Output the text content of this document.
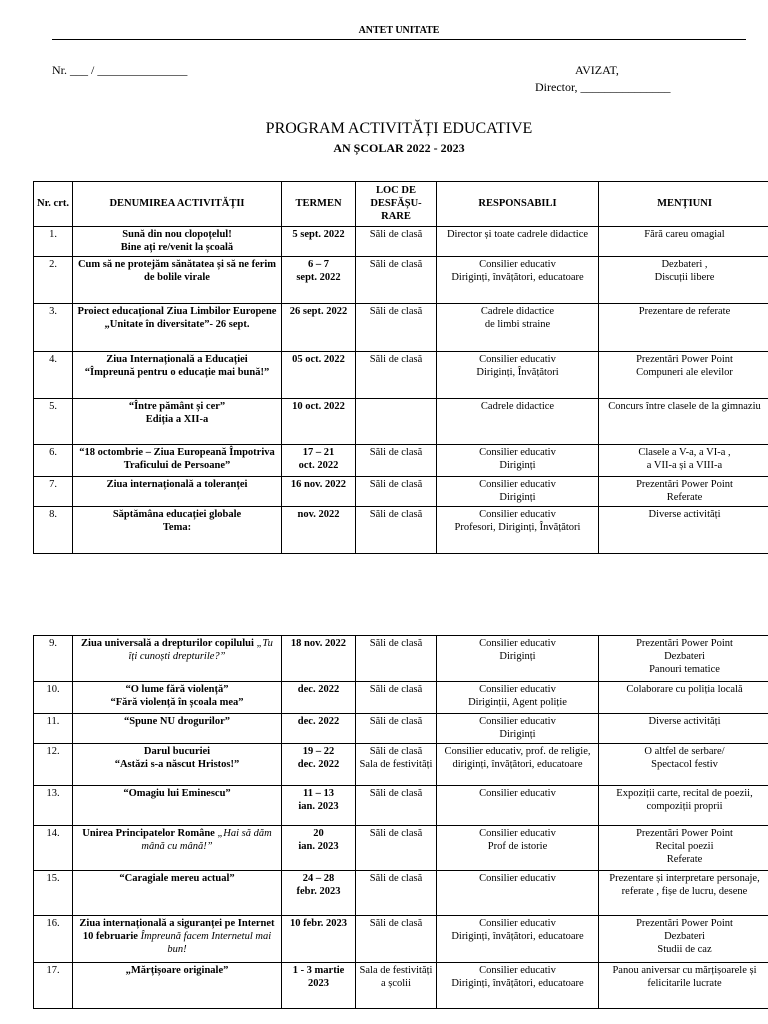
ANTET UNITATE
Nr. ___ / _______________	AVIZAT,
Director, _______________
PROGRAM ACTIVITĂȚI EDUCATIVE
AN ȘCOLAR 2022 - 2023
Nr. crt.	DENUMIREA ACTIVITĂȚII	TERMEN	LOC DE DESFĂȘU-RARE	RESPONSABILI	MENȚIUNI
1.	Sună din nou clopoțelul!
Bine ați re/venit la școală	5 sept. 2022	Săli de clasă	Director și toate cadrele didactice	Fără careu omagial
2.	Cum să ne protejăm sănătatea și să ne ferim de bolile virale	6 – 7
sept. 2022	Săli de clasă	Consilier educativ
Diriginți, învățători, educatoare	Dezbateri ,
Discuții libere
3.	Proiect educațional Ziua Limbilor Europene „Unitate în diversitate”- 26 sept.	26 sept. 2022	Săli de clasă	Cadrele didactice
de limbi straine	Prezentare de referate
4.	Ziua Internațională a Educației
“Împreună pentru o educație mai bună!”	05 oct. 2022	Săli de clasă	Consilier educativ
Diriginți, Învățători	Prezentări Power Point
Compuneri ale elevilor
5.	“Între pământ și cer”
Ediția a XII-a	10 oct. 2022		Cadrele didactice	Concurs între clasele de la gimnaziu
6.	“18 octombrie – Ziua Europeană Împotriva Traficului de Persoane”	17 – 21
oct. 2022	Săli de clasă	Consilier educativ
Diriginți	Clasele a V-a, a VI-a ,
a VII-a și a VIII-a
7.	Ziua internațională a toleranței	16 nov. 2022	Săli de clasă	Consilier educativ
Diriginți	Prezentări Power Point
Referate
8.	Săptămâna educației globale
Tema:	nov. 2022	Săli de clasă	Consilier educativ
Profesori, Diriginți, Învățători	Diverse activități
9.	Ziua universală a drepturilor copilului „Tu îți cunoști drepturile?”	18 nov. 2022	Săli de clasă	Consilier educativ
Diriginți	Prezentări Power Point
Dezbateri
Panouri tematice
10.	“O lume fără violență”
“Fără violență în școala mea”	dec. 2022	Săli de clasă	Consilier educativ
Diriginții, Agent poliție	Colaborare cu poliția locală
11.	“Spune NU drogurilor”	dec. 2022	Săli de clasă	Consilier educativ
Diriginți	Diverse activități
12.	Darul bucuriei
“Astăzi s-a născut Hristos!”	19 – 22
dec. 2022	Săli de clasă
Sala de festivități	Consilier educativ, prof. de religie, diriginți, învățători, educatoare	O altfel de serbare/
Spectacol festiv
13.	“Omagiu lui Eminescu”	11 – 13
ian. 2023	Săli de clasă	Consilier educativ	Expoziții carte, recital de poezii, compoziții proprii
14.	Unirea Principatelor Române „Hai să dăm mână cu mână!”	20
ian. 2023	Săli de clasă	Consilier educativ
Prof de istorie	Prezentări Power Point
Recital poezii
Referate
15.	“Caragiale mereu actual”	24 – 28
febr. 2023	Săli de clasă	Consilier educativ	Prezentare și interpretare personaje, referate , fișe de lucru, desene
16.	Ziua internațională a siguranței pe Internet 10 februarie Împreună facem Internetul mai bun!	10 febr. 2023	Săli de clasă	Consilier educativ
Diriginți, învățători, educatoare	Prezentări Power Point
Dezbateri
Studii de caz
17.	„Mărțișoare originale”	1 - 3 martie
2023	Sala de festivități a școlii	Consilier educativ
Diriginți, învățători, educatoare	Panou aniversar cu mărțișoarele și felicitarile lucrate
